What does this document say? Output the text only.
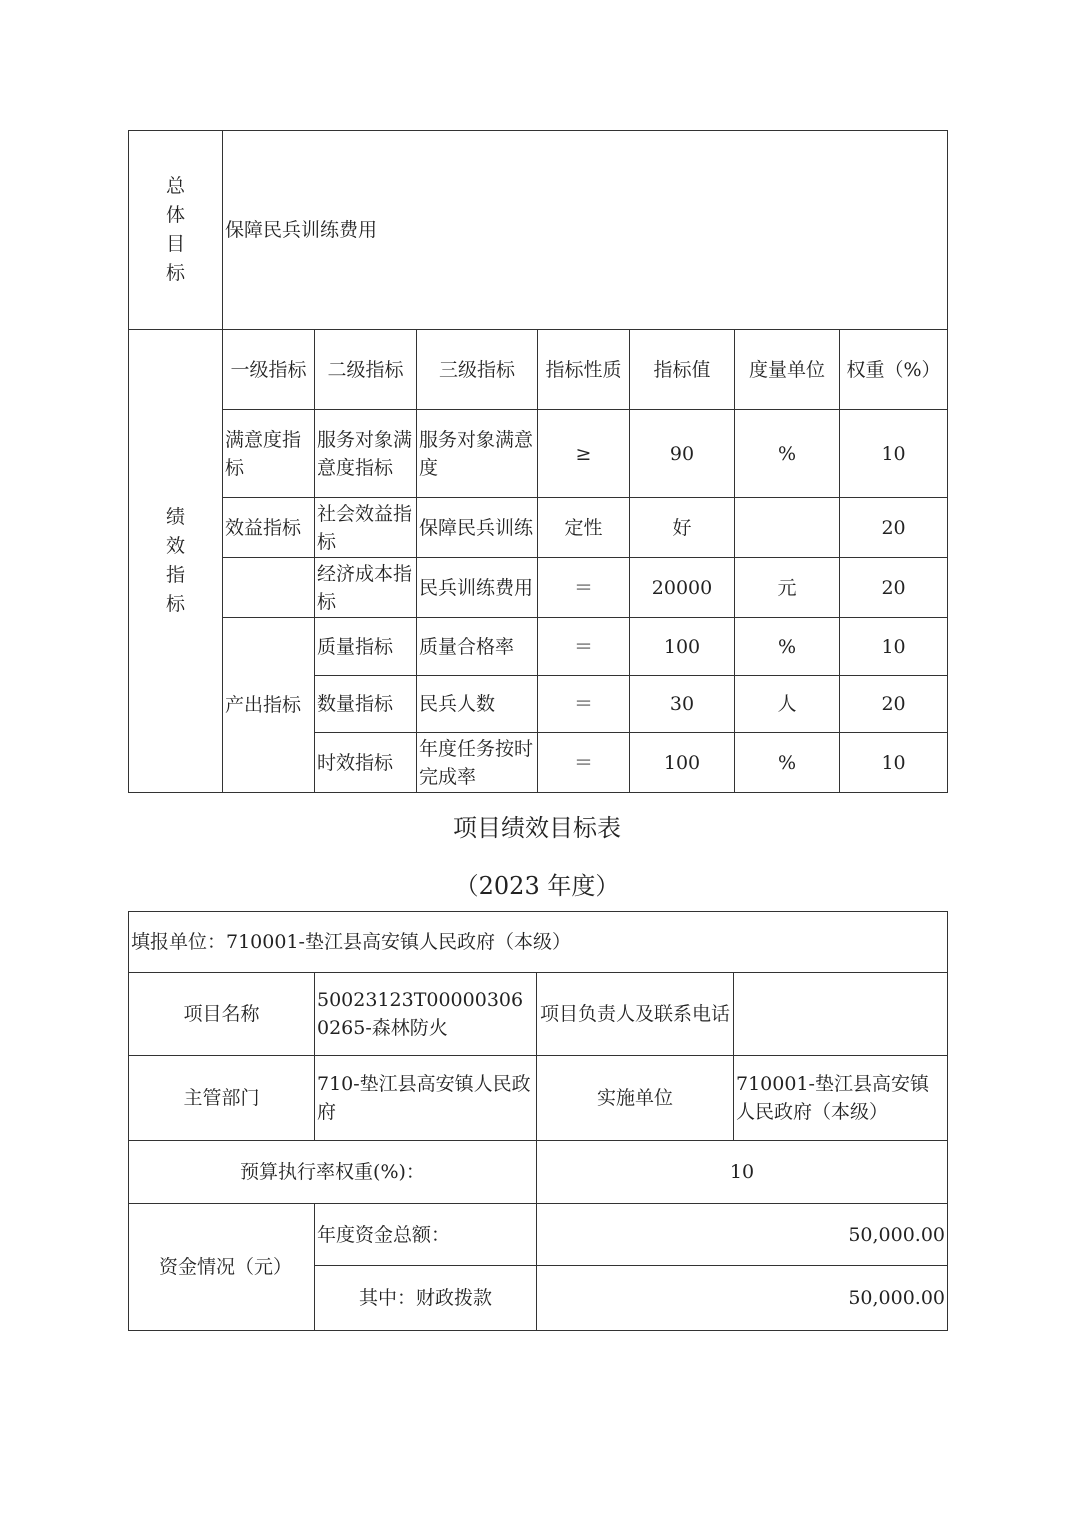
总
体
目
标	保障民兵训练费用						

绩
效
指
标	一级指标	二级指标	三级指标	指标性质	指标值	度量单位	权重（%）
	满意度指标	服务对象满意度指标	服务对象满意度	≥	90	%	10
	效益指标	社会效益指标	保障民兵训练	定性	好		20
		经济成本指标	民兵训练费用	＝	20000	元	20
	产出指标	质量指标	质量合格率	＝	100	%	10
		数量指标	民兵人数	＝	30	人	20
		时效指标	年度任务按时完成率	＝	100	%	10
项目绩效目标表
（2023 年度）
填报单位：710001-垫江县高安镇人民政府（本级）			
项目名称	50023123T000003060265-森林防火	项目负责人及联系电话	
主管部门	710-垫江县高安镇人民政府	实施单位	710001-垫江县高安镇人民政府（本级）
预算执行率权重(%)：		10	
资金情况（元）	年度资金总额：	50,000.00	
	其中：财政拨款	50,000.00	
